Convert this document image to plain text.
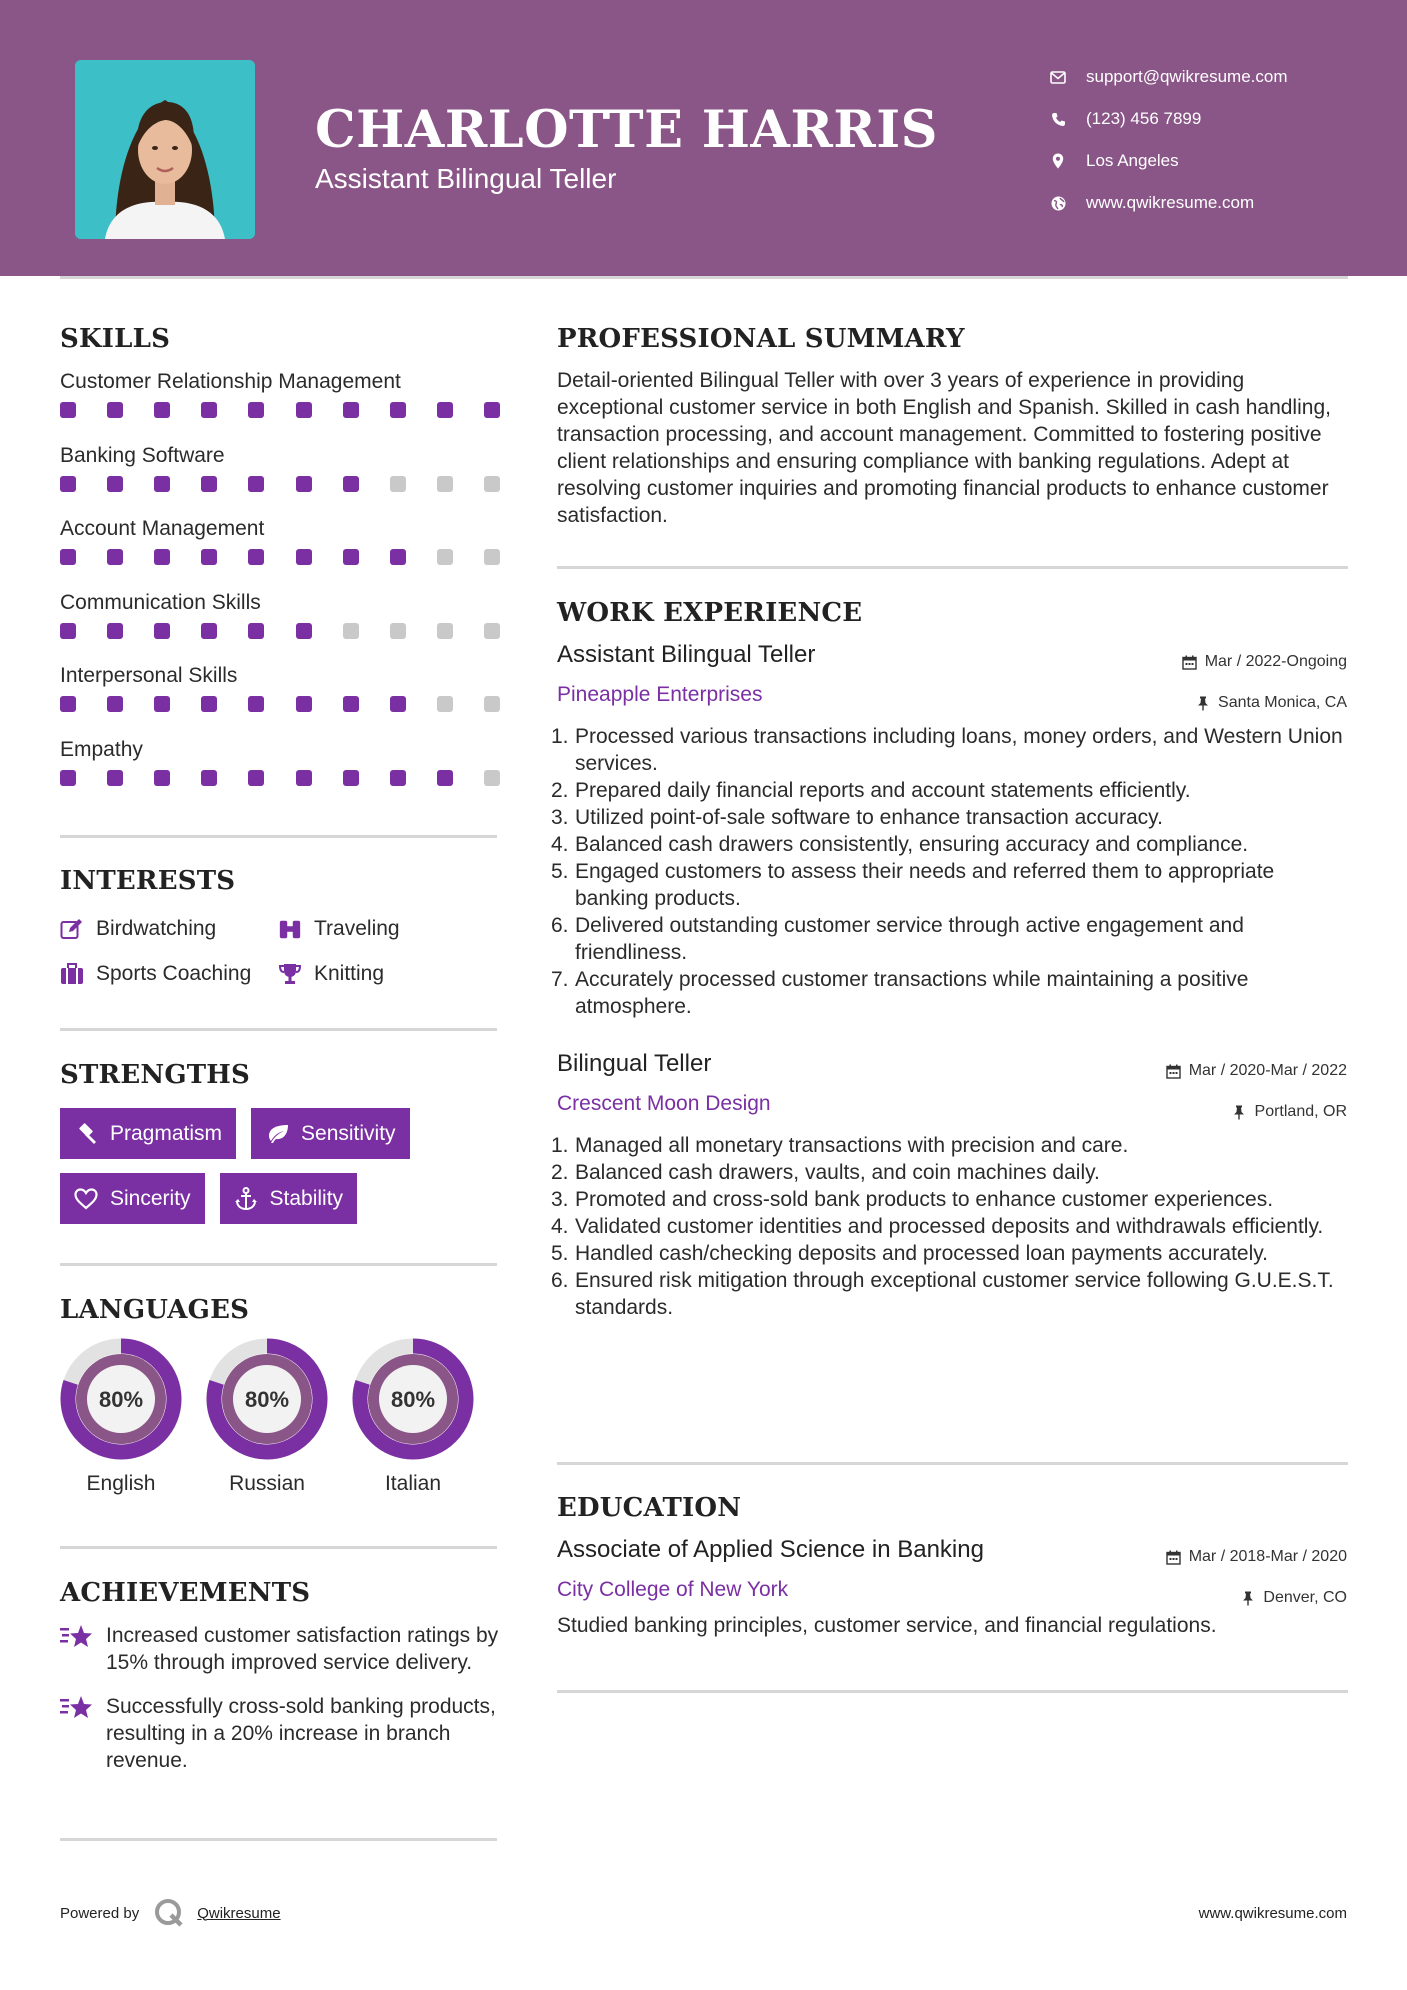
CHARLOTTE HARRIS
Assistant Bilingual Teller
support@qwikresume.com
(123) 456 7899
Los Angeles
www.qwikresume.com
SKILLS
Customer Relationship Management
Banking Software
Account Management
Communication Skills
Interpersonal Skills
Empathy
INTERESTS
Birdwatching	Traveling
Sports Coaching	Knitting
STRENGTHS
Pragmatism	Sensitivity
Sincerity	Stability
LANGUAGES
80%
English
80%
Russian
80%
Italian
ACHIEVEMENTS
Increased customer satisfaction ratings by 15% through improved service delivery.
Successfully cross-sold banking products, resulting in a 20% increase in branch revenue.
PROFESSIONAL SUMMARY
Detail-oriented Bilingual Teller with over 3 years of experience in providing exceptional customer service in both English and Spanish. Skilled in cash handling, transaction processing, and account management. Committed to fostering positive client relationships and ensuring compliance with banking regulations. Adept at resolving customer inquiries and promoting financial products to enhance customer satisfaction.
WORK EXPERIENCE
Assistant Bilingual Teller	Mar / 2022-Ongoing
Pineapple Enterprises	Santa Monica, CA
1. Processed various transactions including loans, money orders, and Western Union services.
2. Prepared daily financial reports and account statements efficiently.
3. Utilized point-of-sale software to enhance transaction accuracy.
4. Balanced cash drawers consistently, ensuring accuracy and compliance.
5. Engaged customers to assess their needs and referred them to appropriate banking products.
6. Delivered outstanding customer service through active engagement and friendliness.
7. Accurately processed customer transactions while maintaining a positive atmosphere.
Bilingual Teller	Mar / 2020-Mar / 2022
Crescent Moon Design	Portland, OR
1. Managed all monetary transactions with precision and care.
2. Balanced cash drawers, vaults, and coin machines daily.
3. Promoted and cross-sold bank products to enhance customer experiences.
4. Validated customer identities and processed deposits and withdrawals efficiently.
5. Handled cash/checking deposits and processed loan payments accurately.
6. Ensured risk mitigation through exceptional customer service following G.U.E.S.T. standards.
EDUCATION
Associate of Applied Science in Banking	Mar / 2018-Mar / 2020
City College of New York	Denver, CO
Studied banking principles, customer service, and financial regulations.
Powered by	Qwikresume	www.qwikresume.com
